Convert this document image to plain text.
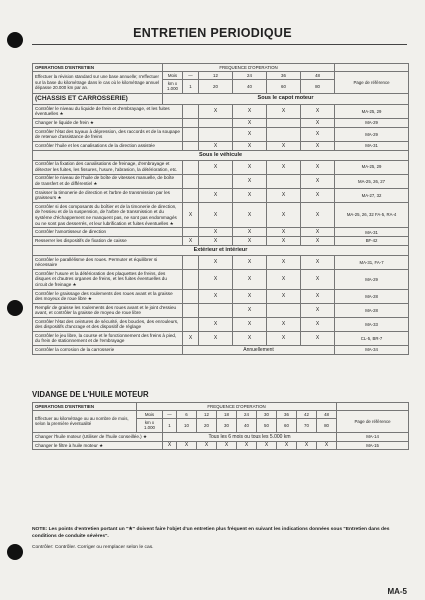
ENTRETIEN PERIODIQUE
OPERATIONS D'ENTRETIEN	FREQUENCE D'OPERATION						
Effectuer la révision standard sur une base annuelle; n'effectuer sur la base du kilométrage dans le cas où le kilométrage annuel dépasse 20.000 km par an.	Mois	—	12	24	36	48	Page de référence
	km x 1.000	1	20	40	60	80	
(CHASSIS ET CARROSSERIE)	Sous le capot moteur						
Contrôler le niveau du liquide de frein et d'embrayage, et les fuites éventuelles ★			X	X	X	X	MA-25, 29
Changer le liquide de frein ★				X		X	MA-29
Contrôler l'état des tuyaux à dépression, des raccords et de la soupape de retenue d'assistance de freins				X		X	MA-29
Contrôler l'huile et les canalisations de la direction assistée			X	X	X	X	MA-31
Sous le véhicule							
Contrôler la fixation des canalisations de freinage, d'embrayage et détecter les fuites, les fissures, l'usure, l'abrasion, la détérioration, etc.			X	X	X	X	MA-25, 29
Contrôler le niveau de l'huile de boîte de vitesses manuelle, de boîte de transfert et de différentiel ★				X		X	MA-25, 26, 27
Graisser la timonerie de direction et l'arbre de transmission par les graisseurs ★			X	X	X	X	MA-27, 32
Contrôler si des composants du boîtier et de la timonerie de direction, de l'essieu et de la suspension, de l'arbre de transmission et du système d'échappement ne manquent pas, ne sont pas endommagés ou ne sont pas desserrés, et leur lubrification et fuites éventuelles ★		X	X	X	X	X	MA-25, 26, 32 FA-5, RA-4
Contrôler l'amortisseur de direction			X	X	X	X	MA-31
Resserrer les dispositifs de fixation de caisse		X	X	X	X	X	BF-42
Extérieur et intérieur							
Contrôler le parallélisme des roues. Permuter et équilibrer si nécessaire			X	X	X	X	MA-31, FA-7
Contrôler l'usure et la détérioration des plaquettes de freins, des disques et d'autres organes de freins, et les fuites éventuelles du circuit de freinage ★			X	X	X	X	MA-29
Contrôler le graissage des roulements des roues avant et la graisse des moyeux de roue libre ★			X	X	X	X	MA-28
Remplir de graisse les roulements des roues avant et le joint d'essieu avant, et contrôler la graisse de moyeu de roue libre				X		X	MA-28
Contrôler l'état des ceintures de sécurité, des boucles, des enrouleurs, des dispositifs d'ancrage et des dispositif de réglage			X	X	X	X	MA-33
Contrôler le jeu libre, la course et le fonctionnement des freins à pied, du frein de stationnement et de l'embrayage		X	X	X	X	X	CL-5, BR-7
Contrôler la corrosion de la carrosserie		Annuellement					MA-34
VIDANGE DE L'HUILE MOTEUR
OPERATIONS D'ENTRETIEN	FREQUENCE D'OPERATION										
Effectuer au kilométrage ou au nombre de mois, selon la première éventualité	Mois	—	6	12	18	24	30	36	42	48	Page de référence
	km x 1.000	1	10	20	30	40	50	60	70	80	
Changer l'huile moteur (Utiliser de l'huile conseillée.) ★		Tous les 6 mois ou tous les 5.000 km									MA-14
Changer le filtre à huile moteur ★		X	X	X	X	X	X	X	X	X	MA-15
NOTE: Les points d'entretien portant un "★" doivent faire l'objet d'un entretien plus fréquent en suivant les indications données sous "Entretien dans des conditions de conduite sévères".
Contrôler: Contrôler. Corriger ou remplacer selon le cas.
MA-5
